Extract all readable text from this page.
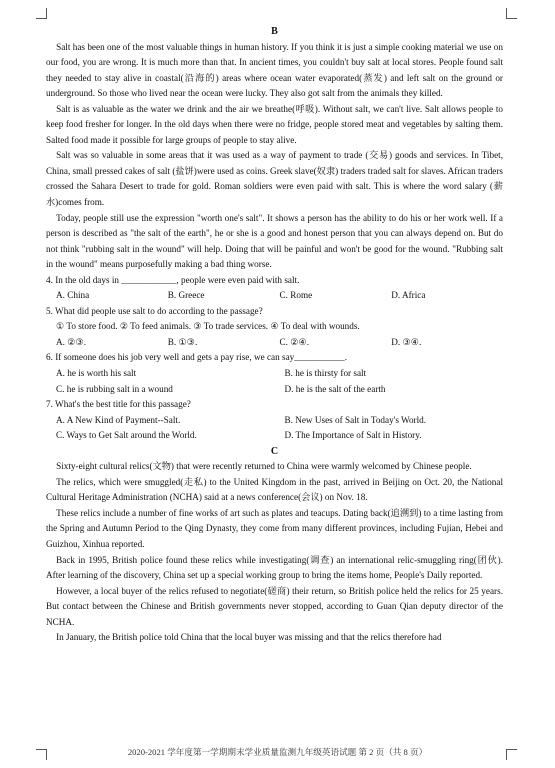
B

Salt has been one of the most valuable things in human history. If you think it is just a simple cooking material we use on our food, you are wrong. It is much more than that. In ancient times, you couldn't buy salt at local stores. People found salt they needed to stay alive in coastal(沿海的) areas where ocean water evaporated(蒸发) and left salt on the ground or underground. So those who lived near the ocean were lucky. They also got salt from the animals they killed.

Salt is as valuable as the water we drink and the air we breathe(呼吸). Without salt, we can't live. Salt allows people to keep food fresher for longer. In the old days when there were no fridge, people stored meat and vegetables by salting them. Salted food made it possible for large groups of people to stay alive.

Salt was so valuable in some areas that it was used as a way of payment to trade (交易) goods and services. In Tibet, China, small pressed cakes of salt (盐饼)were used as coins. Greek slave(奴隶) traders traded salt for slaves. African traders crossed the Sahara Desert to trade for gold. Roman soldiers were even paid with salt. This is where the word salary (薪水)comes from.

Today, people still use the expression "worth one's salt". It shows a person has the ability to do his or her work well. If a person is described as "the salt of the earth", he or she is a good and honest person that you can always depend on. But do not think "rubbing salt in the wound" will help. Doing that will be painful and won't be good for the wound. "Rubbing salt in the wound" means purposefully making a bad thing worse.

4. In the old days in ____________, people were even paid with salt.
A. China	B. Greece	C. Rome	D. Africa
5. What did people use salt to do according to the passage?
① To store food. ② To feed animals. ③ To trade services. ④ To deal with wounds.
A. ②③.	B. ①③.	C. ②④.	D. ③④.
6. If someone does his job very well and gets a pay rise, we can say___________.
A. he is worth his salt	B. he is thirsty for salt
C. he is rubbing salt in a wound	D. he is the salt of the earth
7. What's the best title for this passage?
A. A New Kind of Payment--Salt.	B. New Uses of Salt in Today's World.
C. Ways to Get Salt around the World.	D. The Importance of Salt in History.
C

Sixty-eight cultural relics(文物) that were recently returned to China were warmly welcomed by Chinese people.

The relics, which were smuggled(走私) to the United Kingdom in the past, arrived in Beijing on Oct. 20, the National Cultural Heritage Administration (NCHA) said at a news conference(会议) on Nov. 18.

These relics include a number of fine works of art such as plates and teacups. Dating back(追溯到) to a time lasting from the Spring and Autumn Period to the Qing Dynasty, they come from many different provinces, including Fujian, Hebei and Guizhou, Xinhua reported.

Back in 1995, British police found these relics while investigating(调查) an international relic-smuggling ring(团伙). After learning of the discovery, China set up a special working group to bring the items home, People's Daily reported.

However, a local buyer of the relics refused to negotiate(磋商) their return, so British police held the relics for 25 years. But contact between the Chinese and British governments never stopped, according to Guan Qian deputy director of the NCHA.

In January, the British police told China that the local buyer was missing and that the relics therefore had

2020-2021 学年度第一学期期末学业质量监测九年级英语试题 第 2 页（共 8 页）
